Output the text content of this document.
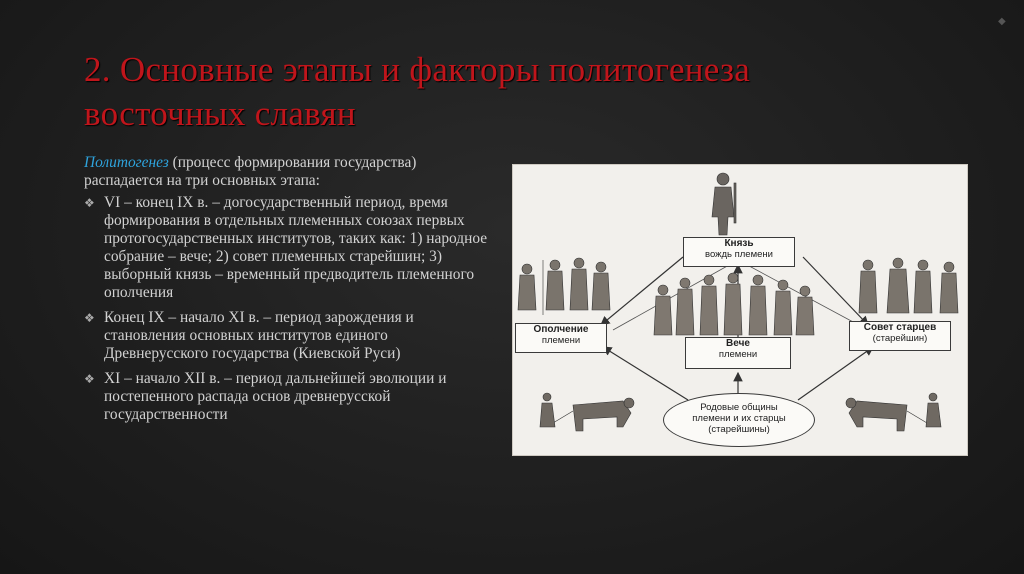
◆
2. Основные этапы и факторы политогенеза
восточных славян
Политогенез (процесс формирования государства) распадается на три основных этапа:
❖ VI – конец IX в. – догосударственный период, время формирования в отдельных племенных союзах первых протогосударственных институтов, таких как: 1) народное собрание – вече; 2) совет племенных старейшин; 3) выборный князь – временный предводитель племенного ополчения
❖ Конец IX – начало XI в. – период зарождения и становления основных институтов единого Древнерусского государства (Киевской Руси)
❖ XI – начало XII в. – период дальнейшей эволюции и постепенного распада основ древнерусской государственности
Князь
вождь племени
Ополчение
племени
Совет старцев
(старейшин)
Вече
племени
Родовые общины
племени и их старцы
(старейшины)
